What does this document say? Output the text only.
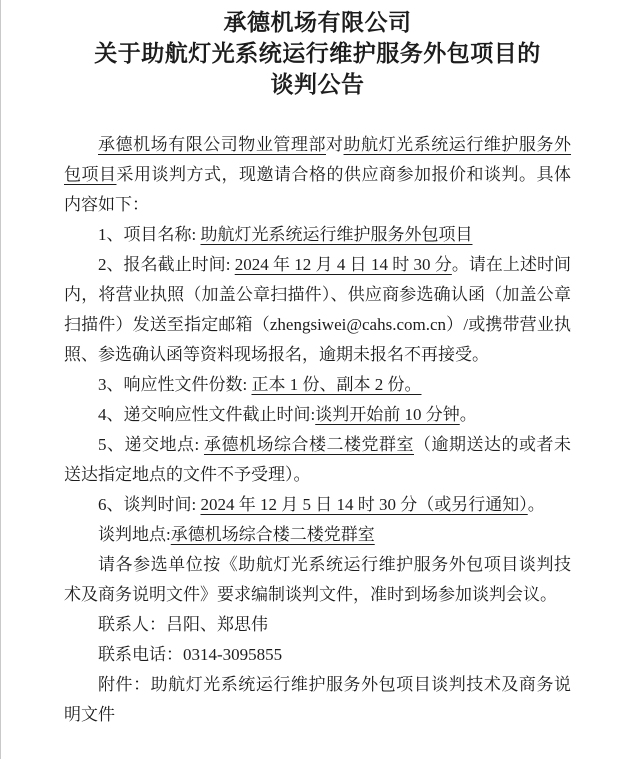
承德机场有限公司
关于助航灯光系统运行维护服务外包项目的
谈判公告

承德机场有限公司物业管理部对助航灯光系统运行维护服务外包项目采用谈判方式，现邀请合格的供应商参加报价和谈判。具体内容如下：

1、项目名称: 助航灯光系统运行维护服务外包项目

2、报名截止时间: 2024 年 12 月 4 日 14 时 30 分。请在上述时间内，将营业执照（加盖公章扫描件）、供应商参选确认函（加盖公章扫描件）发送至指定邮箱（zhengsiwei@cahs.com.cn）/或携带营业执照、参选确认函等资料现场报名，逾期未报名不再接受。

3、响应性文件份数: 正本 1 份、副本 2 份。

4、递交响应性文件截止时间:谈判开始前 10 分钟。

5、递交地点: 承德机场综合楼二楼党群室（逾期送达的或者未送达指定地点的文件不予受理）。

6、谈判时间: 2024 年 12 月 5 日 14 时 30 分（或另行通知）。

谈判地点:承德机场综合楼二楼党群室

请各参选单位按《助航灯光系统运行维护服务外包项目谈判技术及商务说明文件》要求编制谈判文件，准时到场参加谈判会议。

联系人：吕阳、郑思伟

联系电话：0314-3095855

附件：助航灯光系统运行维护服务外包项目谈判技术及商务说明文件
